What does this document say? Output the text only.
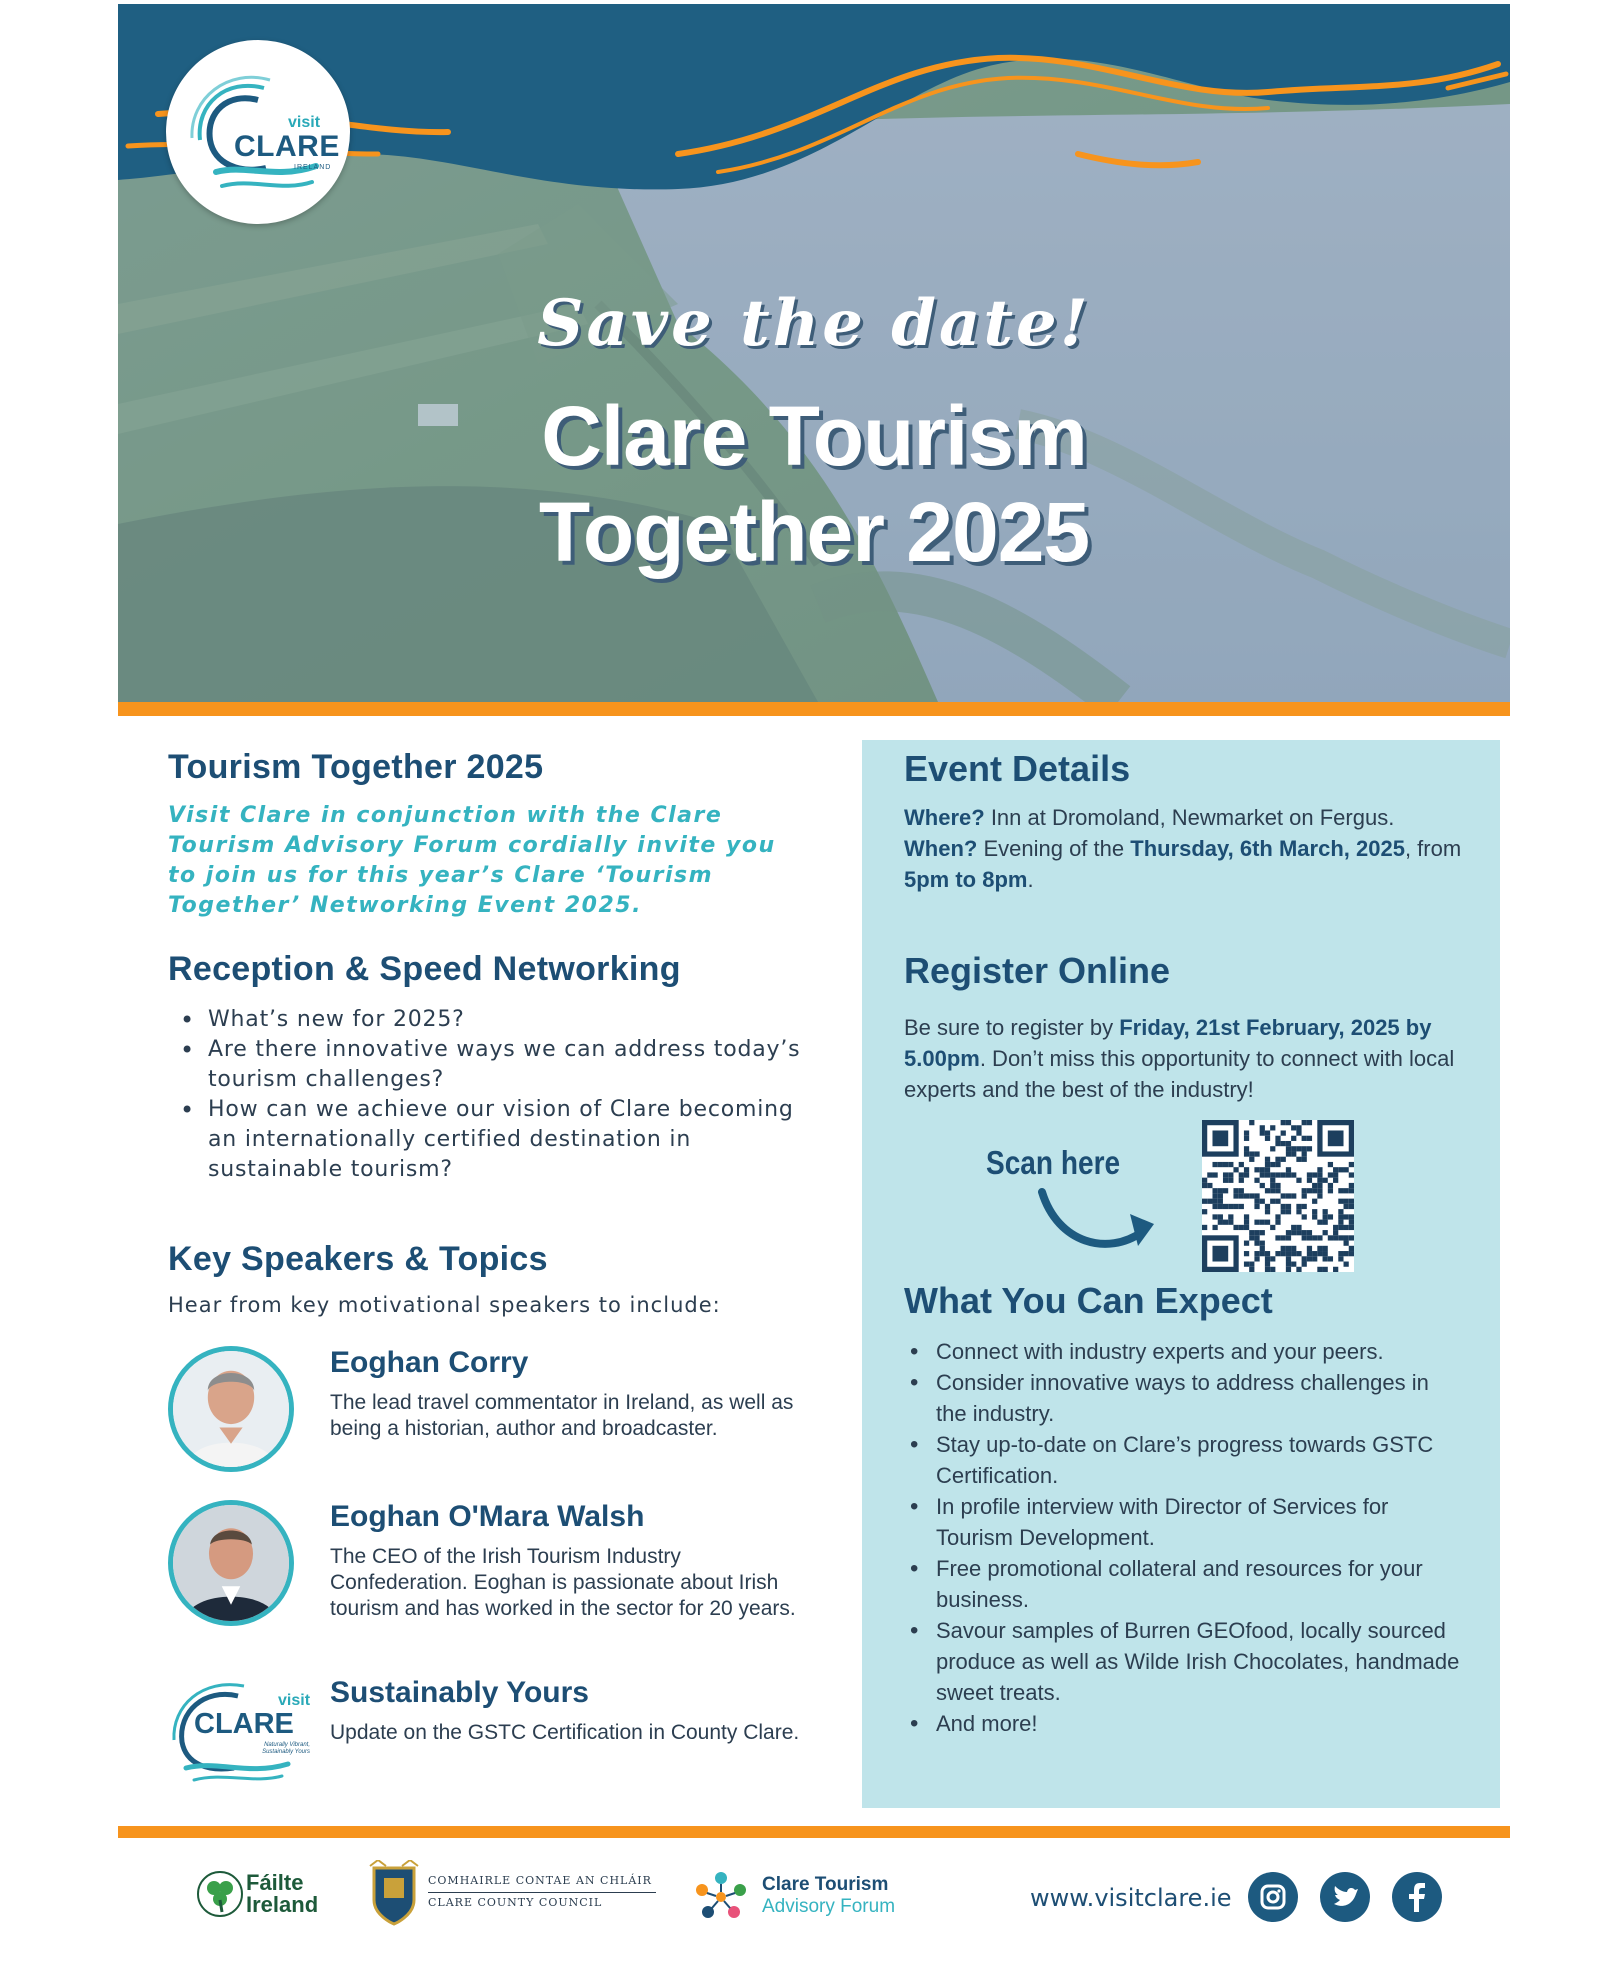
visit
CLARE
IRELAND
Save the date!
Clare Tourism
Together 2025
Tourism Together 2025
Visit Clare in conjunction with the Clare Tourism Advisory Forum cordially invite you to join us for this year’s Clare ‘Tourism Together’ Networking Event 2025.
Reception & Speed Networking
• What’s new for 2025?
• Are there innovative ways we can address today’s tourism challenges?
• How can we achieve our vision of Clare becoming an internationally certified destination in sustainable tourism?
Key Speakers & Topics
Hear from key motivational speakers to include:
Eoghan Corry
The lead travel commentator in Ireland, as well as being a historian, author and broadcaster.
Eoghan O'Mara Walsh
The CEO of the Irish Tourism Industry Confederation. Eoghan is passionate about Irish tourism and has worked in the sector for 20 years.
visit
CLARE
Naturally Vibrant, Sustainably Yours
Sustainably Yours
Update on the GSTC Certification in County Clare.
Event Details
Where? Inn at Dromoland, Newmarket on Fergus.
When? Evening of the Thursday, 6th March, 2025, from 5pm to 8pm.
Register Online
Be sure to register by Friday, 21st February, 2025 by 5.00pm. Don’t miss this opportunity to connect with local experts and the best of the industry!
Scan here
What You Can Expect
• Connect with industry experts and your peers.
• Consider innovative ways to address challenges in the industry.
• Stay up-to-date on Clare’s progress towards GSTC Certification.
• In profile interview with Director of Services for Tourism Development.
• Free promotional collateral and resources for your business.
• Savour samples of Burren GEOfood, locally sourced produce as well as Wilde Irish Chocolates, handmade sweet treats.
• And more!
Fáilte
Ireland
COMHAIRLE CONTAE AN CHLÁIR
CLARE COUNTY COUNCIL
Clare Tourism
Advisory Forum	www.visitclare.ie
